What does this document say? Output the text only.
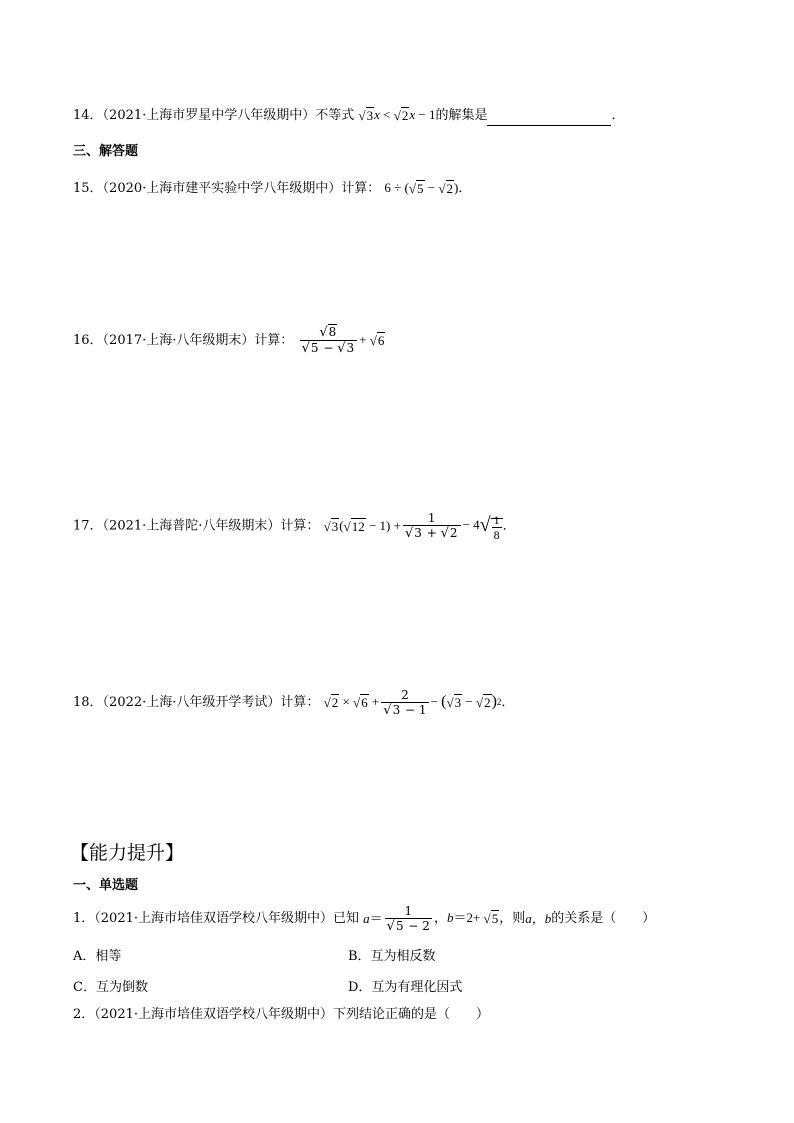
14．（2021·上海市罗星中学八年级期中）不等式 √3x < √2x − 1的解集是	．
三、解答题
15．（2020·上海市建平实验中学八年级期中）计算： 6 ÷ (√5 − √2)．
16．（2017·上海·八年级期末）计算： $\frac{√8}{√5 - √3} + √6$
17．（2021·上海普陀·八年级期末）计算： $√3(√12 - 1) + \frac{1}{√3 + √2} - 4√ \frac{1}{8}$ ．
18．（2022·上海·八年级开学考试）计算： $√2 \times √6 + \frac{2}{√3 - 1} - (√3 - √2)^2$．
【能力提升】
一、单选题
1．（2021·上海市培佳双语学校八年级期中）已知 $a= \frac{1}{√5 - 2}$ ，b＝2+ √5，则a，b的关系是（　　）
A．相等	B．互为相反数
C．互为倒数	D．互为有理化因式
2．（2021·上海市培佳双语学校八年级期中）下列结论正确的是（　　）
